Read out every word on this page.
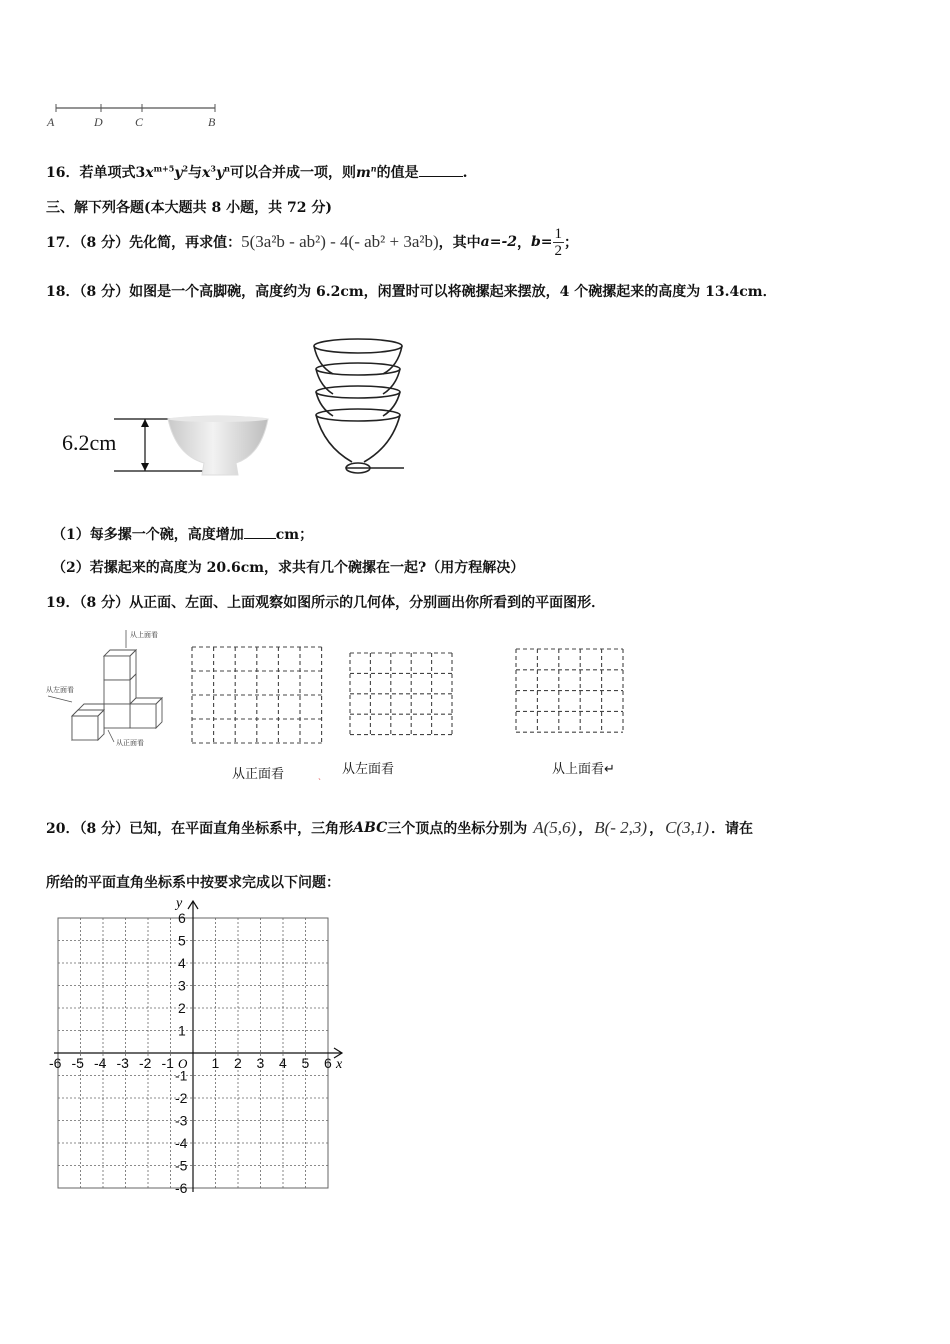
A	D	C	B
16．若单项式$3x^{m+5}y^2$与$x^3y^n$可以合并成一项，则$m^n$的值是	.
三、解下列各题(本大题共 8 小题，共 72 分)
17．（8 分）先化简，再求值： 5(3a²b - ab²) - 4(- ab² + 3a²b) ，其中 a=-2 ， $b= \frac{1}{2}$ ；
18．（8 分）如图是一个高脚碗，高度约为 6.2cm，闲置时可以将碗摞起来摆放，4 个碗摞起来的高度为 13.4cm．
6.2cm
（1）每多摞一个碗，高度增加 cm；
（2）若摞起来的高度为 20.6cm，求共有几个碗摞在一起?（用方程解决）
19．（8 分）从正面、左面、上面观察如图所示的几何体，分别画出你所看到的平面图形．
从上面看
从左面看
从正面看
从正面看	ˎ 从左面看	从上面看↵
20．（8 分）已知，在平面直角坐标系中，三角形 ABC 三个顶点的坐标分别为 A(5,6) ， B(- 2,3) ， C(3,1) ．请在
所给的平面直角坐标系中按要求完成以下问题：
x
y
O
-6 -5 -4 -3 -2 -1	1 2 3 4 5 6
6
5
4
3
2
1
-1
-2
-3
-4
-5
-6
